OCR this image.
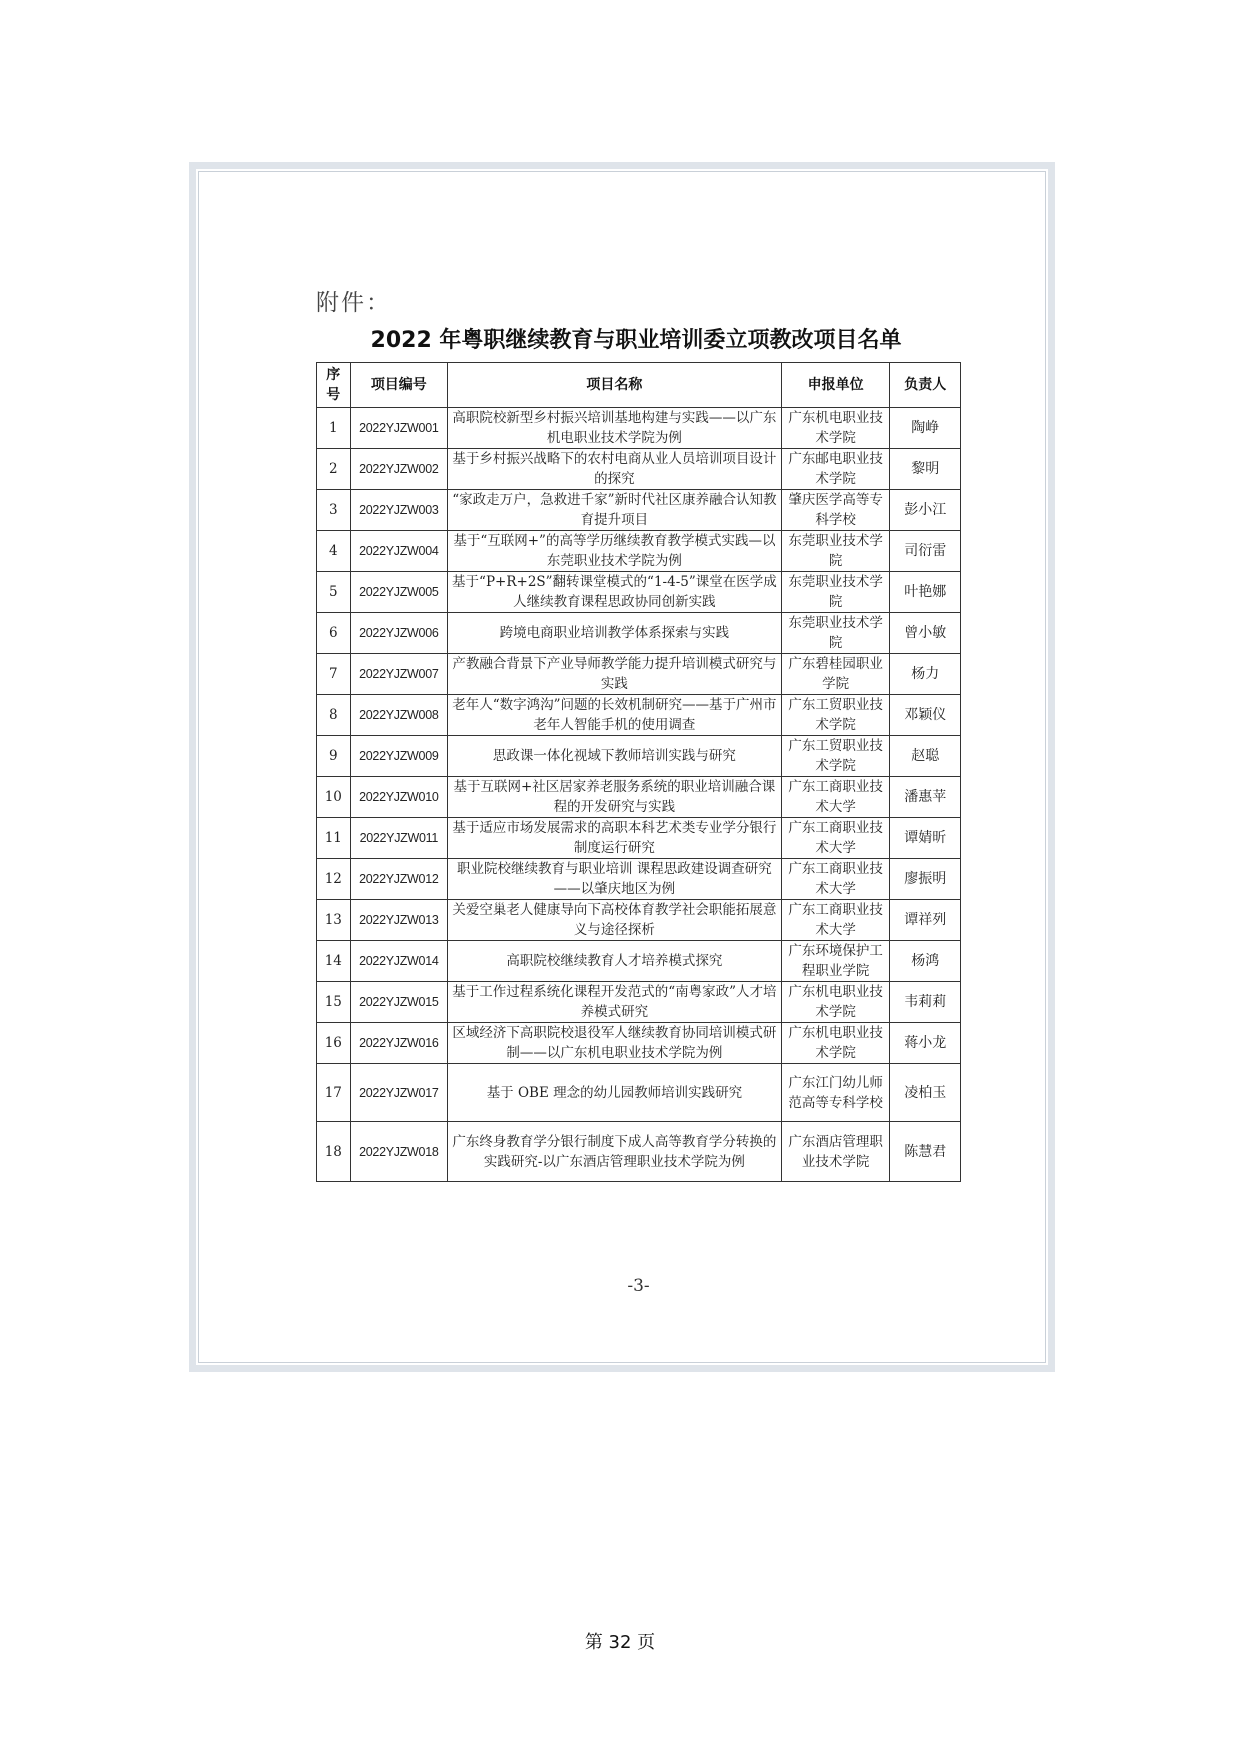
附件：
2022 年粤职继续教育与职业培训委立项教改项目名单
序号	项目编号	项目名称	申报单位	负责人
1	2022YJZW001	高职院校新型乡村振兴培训基地构建与实践——以广东机电职业技术学院为例	广东机电职业技术学院	陶峥
2	2022YJZW002	基于乡村振兴战略下的农村电商从业人员培训项目设计的探究	广东邮电职业技术学院	黎明
3	2022YJZW003	“家政走万户，急救进千家”新时代社区康养融合认知教育提升项目	肇庆医学高等专科学校	彭小江
4	2022YJZW004	基于“互联网+”的高等学历继续教育教学模式实践—以东莞职业技术学院为例	东莞职业技术学院	司衍雷
5	2022YJZW005	基于“P+R+2S”翻转课堂模式的“1-4-5”课堂在医学成人继续教育课程思政协同创新实践	东莞职业技术学院	叶艳娜
6	2022YJZW006	跨境电商职业培训教学体系探索与实践	东莞职业技术学院	曾小敏
7	2022YJZW007	产教融合背景下产业导师教学能力提升培训模式研究与实践	广东碧桂园职业学院	杨力
8	2022YJZW008	老年人“数字鸿沟”问题的长效机制研究——基于广州市老年人智能手机的使用调查	广东工贸职业技术学院	邓颖仪
9	2022YJZW009	思政课一体化视域下教师培训实践与研究	广东工贸职业技术学院	赵聪
10	2022YJZW010	基于互联网+社区居家养老服务系统的职业培训融合课程的开发研究与实践	广东工商职业技术大学	潘惠苹
11	2022YJZW011	基于适应市场发展需求的高职本科艺术类专业学分银行制度运行研究	广东工商职业技术大学	谭婧昕
12	2022YJZW012	职业院校继续教育与职业培训 课程思政建设调查研究——以肇庆地区为例	广东工商职业技术大学	廖振明
13	2022YJZW013	关爱空巢老人健康导向下高校体育教学社会职能拓展意义与途径探析	广东工商职业技术大学	谭祥列
14	2022YJZW014	高职院校继续教育人才培养模式探究	广东环境保护工程职业学院	杨鸿
15	2022YJZW015	基于工作过程系统化课程开发范式的“南粤家政”人才培养模式研究	广东机电职业技术学院	韦莉莉
16	2022YJZW016	区域经济下高职院校退役军人继续教育协同培训模式研制——以广东机电职业技术学院为例	广东机电职业技术学院	蒋小龙
17	2022YJZW017	基于 OBE 理念的幼儿园教师培训实践研究	广东江门幼儿师范高等专科学校	凌柏玉
18	2022YJZW018	广东终身教育学分银行制度下成人高等教育学分转换的实践研究-以广东酒店管理职业技术学院为例	广东酒店管理职业技术学院	陈慧君
-3-
第 32 页
